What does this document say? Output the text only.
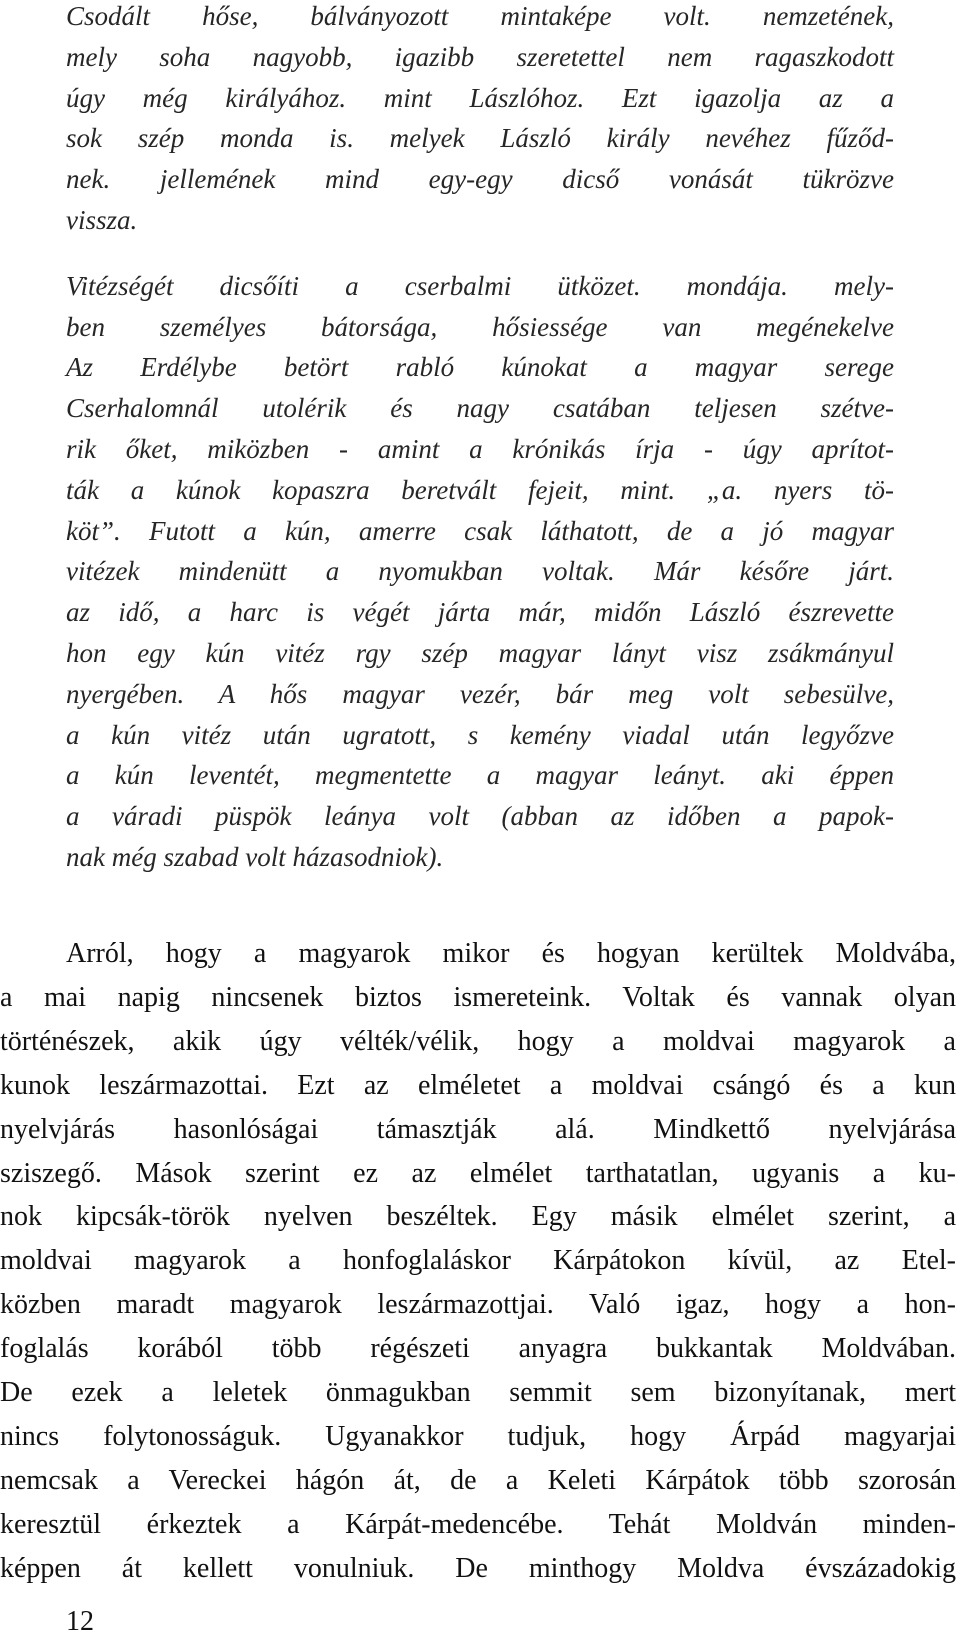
Csodált hőse, bálványozott mintaképe volt. nemzetének,
mely soha nagyobb, igazibb szeretettel nem ragaszkodott
úgy még királyához. mint Lászlóhoz. Ezt igazolja az a
sok szép monda is. melyek László király nevéhez fűződ-
nek. jellemének mind egy-egy dicső vonását tükrözve
vissza.

Vitézségét dicsőíti a cserbalmi ütközet. mondája. mely-
ben személyes bátorsága, hősiessége van megénekelve
Az Erdélybe betört rabló kúnokat a magyar serege
Cserhalomnál utolérik és nagy csatában teljesen szétve-
rik őket, miközben - amint a krónikás írja - úgy aprítot-
ták a kúnok kopaszra beretvált fejeit, mint. „a. nyers tö-
köt”. Futott a kún, amerre csak láthatott, de a jó magyar
vitézek mindenütt a nyomukban voltak. Már későre járt.
az idő, a harc is végét járta már, midőn László észrevette
hon egy kún vitéz rgy szép magyar lányt visz zsákmányul
nyergében. A hős magyar vezér, bár meg volt sebesülve,
a kún vitéz után ugratott, s kemény viadal után legyőzve
a kún leventét, megmentette a magyar leányt. aki éppen
a váradi püspök leánya volt (abban az időben a papok-
nak még szabad volt házasodniok).

Arról, hogy a magyarok mikor és hogyan kerültek Moldvába,
a mai napig nincsenek biztos ismereteink. Voltak és vannak olyan
történészek, akik úgy vélték/vélik, hogy a moldvai magyarok a
kunok leszármazottai. Ezt az elméletet a moldvai csángó és a kun
nyelvjárás hasonlóságai támasztják alá. Mindkettő nyelvjárása
sziszegő. Mások szerint ez az elmélet tarthatatlan, ugyanis a ku-
nok kipcsák-török nyelven beszéltek. Egy másik elmélet szerint, a
moldvai magyarok a honfoglaláskor Kárpátokon kívül, az Etel-
közben maradt magyarok leszármazottjai. Való igaz, hogy a hon-
foglalás korából több régészeti anyagra bukkantak Moldvában.
De ezek a leletek önmagukban semmit sem bizonyítanak, mert
nincs folytonosságuk. Ugyanakkor tudjuk, hogy Árpád magyarjai
nemcsak a Vereckei hágón át, de a Keleti Kárpátok több szorosán
keresztül érkeztek a Kárpát-medencébe. Tehát Moldván minden-
képpen át kellett vonulniuk. De minthogy Moldva évszázadokig
12
